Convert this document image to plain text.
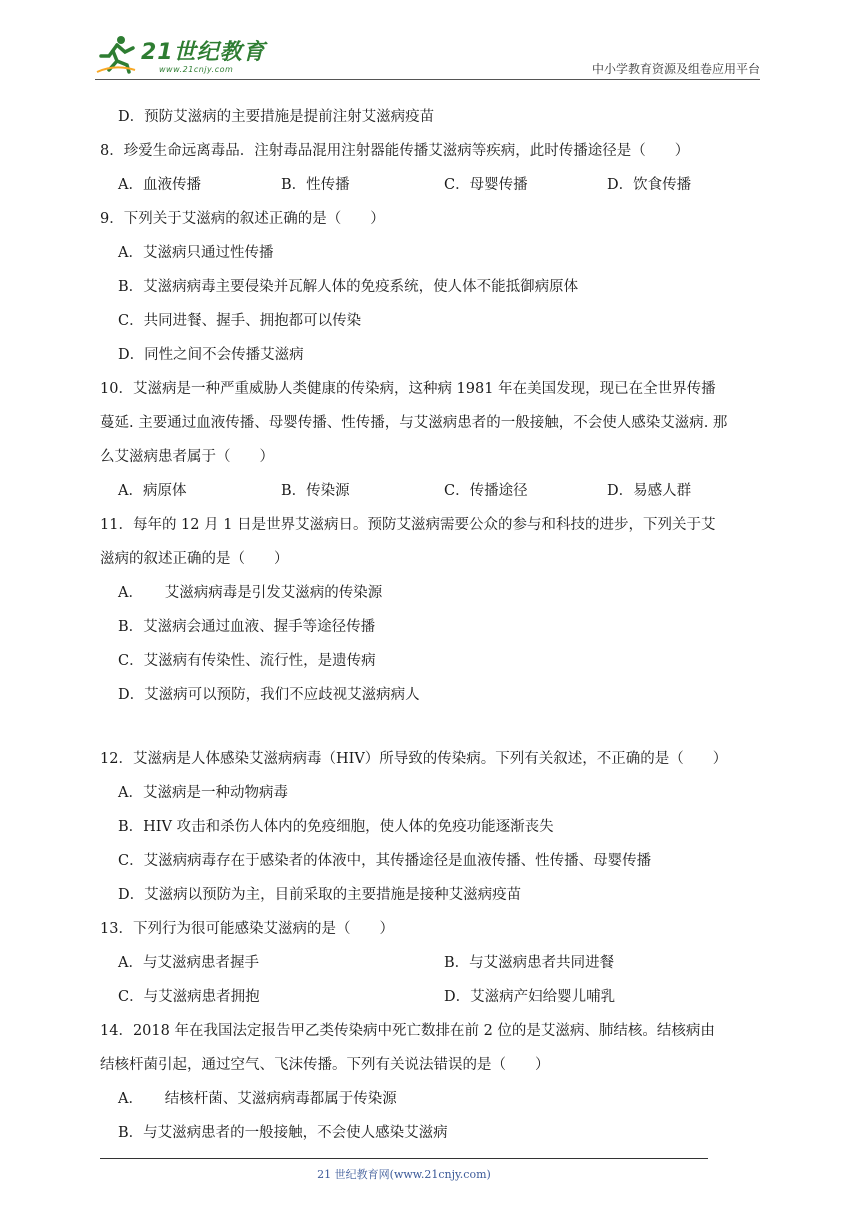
21世纪教育
www.21cnjy.com	中小学教育资源及组卷应用平台
D．预防艾滋病的主要措施是提前注射艾滋病疫苗
8．珍爱生命远离毒品．注射毒品混用注射器能传播艾滋病等疾病，此时传播途径是（　　）
A．血液传播	B．性传播	C．母婴传播	D．饮食传播
9．下列关于艾滋病的叙述正确的是（　　）
A．艾滋病只通过性传播
B．艾滋病病毒主要侵染并瓦解人体的免疫系统，使人体不能抵御病原体
C．共同进餐、握手、拥抱都可以传染
D．同性之间不会传播艾滋病
10．艾滋病是一种严重威胁人类健康的传染病，这种病 1981 年在美国发现，现已在全世界传播
蔓延. 主要通过血液传播、母婴传播、性传播，与艾滋病患者的一般接触，不会使人感染艾滋病. 那
么艾滋病患者属于（　　）
A．病原体	B．传染源	C．传播途径	D．易感人群
11．每年的 12 月 1 日是世界艾滋病日。预防艾滋病需要公众的参与和科技的进步，下列关于艾
滋病的叙述正确的是（　　）
A．　　艾滋病病毒是引发艾滋病的传染源
B．艾滋病会通过血液、握手等途径传播
C．艾滋病有传染性、流行性，是遗传病
D．艾滋病可以预防，我们不应歧视艾滋病病人
12．艾滋病是人体感染艾滋病病毒（HIV）所导致的传染病。下列有关叙述，不正确的是（　　）
A．艾滋病是一种动物病毒
B．HIV 攻击和杀伤人体内的免疫细胞，使人体的免疫功能逐渐丧失
C．艾滋病病毒存在于感染者的体液中，其传播途径是血液传播、性传播、母婴传播
D．艾滋病以预防为主，目前采取的主要措施是接种艾滋病疫苗
13．下列行为很可能感染艾滋病的是（　　）
A．与艾滋病患者握手	B．与艾滋病患者共同进餐
C．与艾滋病患者拥抱	D．艾滋病产妇给婴儿哺乳
14．2018 年在我国法定报告甲乙类传染病中死亡数排在前 2 位的是艾滋病、肺结核。结核病由
结核杆菌引起，通过空气、飞沫传播。下列有关说法错误的是（　　）
A．　　结核杆菌、艾滋病病毒都属于传染源
B．与艾滋病患者的一般接触，不会使人感染艾滋病
21 世纪教育网(www.21cnjy.com)
